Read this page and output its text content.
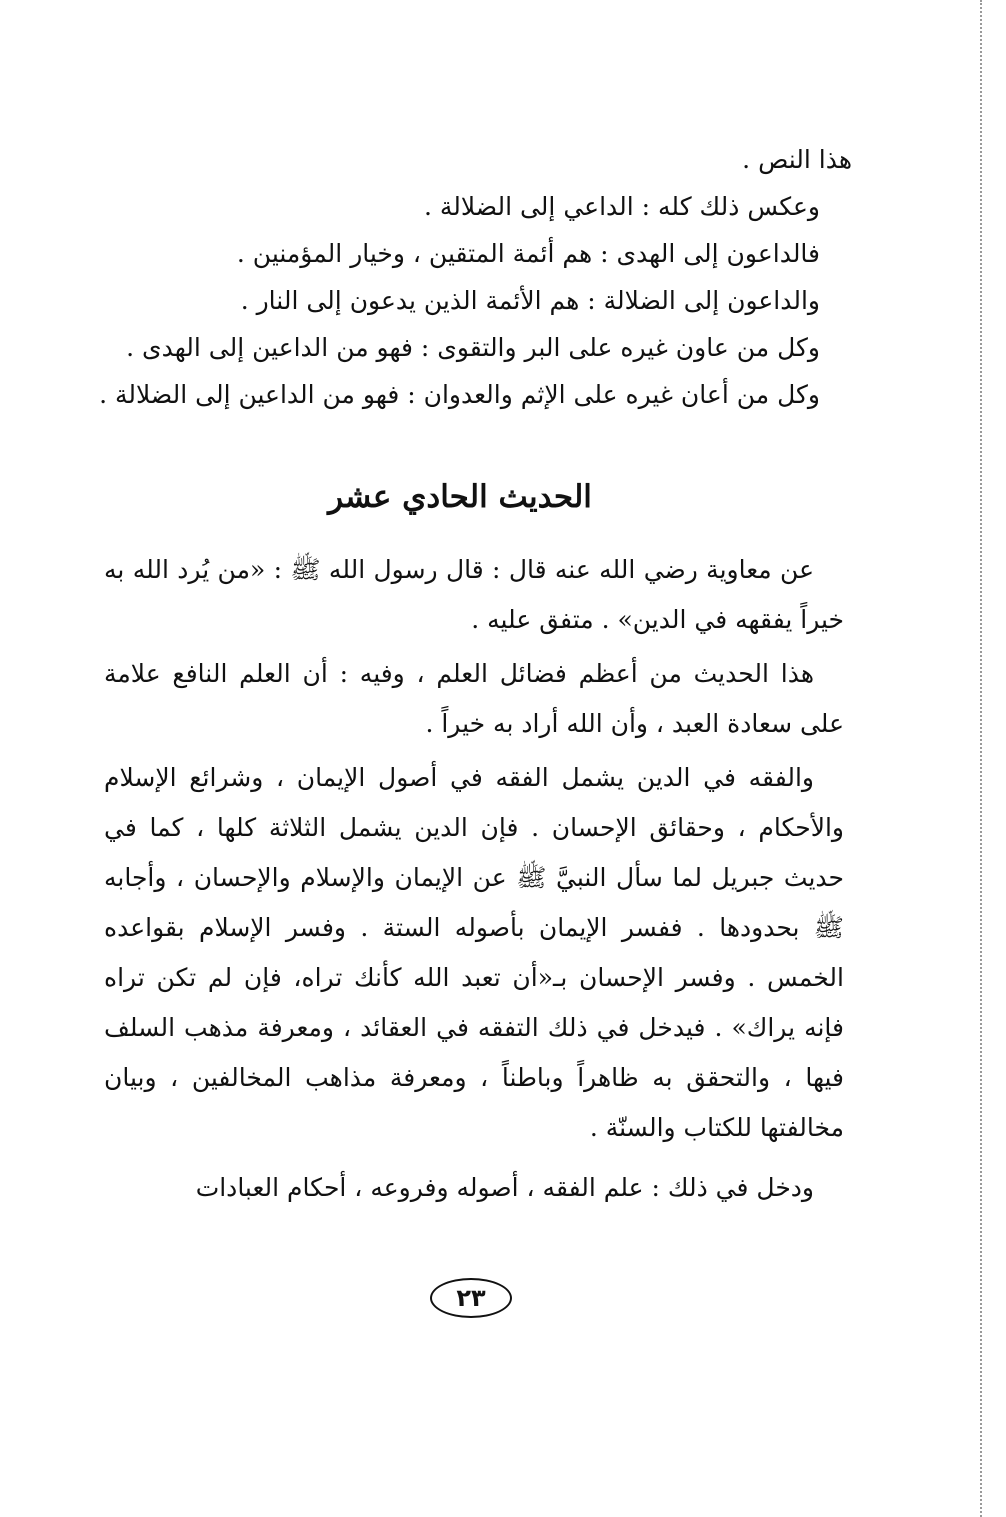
هذا النص .

وعكس ذلك كله : الداعي إلى الضلالة .

فالداعون إلى الهدى : هم أئمة المتقين ، وخيار المؤمنين .

والداعون إلى الضلالة : هم الأئمة الذين يدعون إلى النار .

وكل من عاون غيره على البر والتقوى : فهو من الداعين إلى الهدى .

وكل من أعان غيره على الإثم والعدوان : فهو من الداعين إلى الضلالة .

الحديث الحادي عشر

عن معاوية رضي الله عنه قال : قال رسول الله ﷺ : «من يُرد الله به خيراً يفقهه في الدين» . متفق عليه .

هذا الحديث من أعظم فضائل العلم ، وفيه : أن العلم النافع علامة على سعادة العبد ، وأن الله أراد به خيراً .

والفقه في الدين يشمل الفقه في أصول الإيمان ، وشرائع الإسلام والأحكام ، وحقائق الإحسان . فإن الدين يشمل الثلاثة كلها ، كما في حديث جبريل لما سأل النبيَّ ﷺ عن الإيمان والإسلام والإحسان ، وأجابه ﷺ بحدودها . ففسر الإيمان بأصوله الستة . وفسر الإسلام بقواعده الخمس . وفسر الإحسان بـ«أن تعبد الله كأنك تراه، فإن لم تكن تراه فإنه يراك» . فيدخل في ذلك التفقه في العقائد ، ومعرفة مذهب السلف فيها ، والتحقق به ظاهراً وباطناً ، ومعرفة مذاهب المخالفين ، وبيان مخالفتها للكتاب والسنّة .

ودخل في ذلك : علم الفقه ، أصوله وفروعه ، أحكام العبادات

٢٣
